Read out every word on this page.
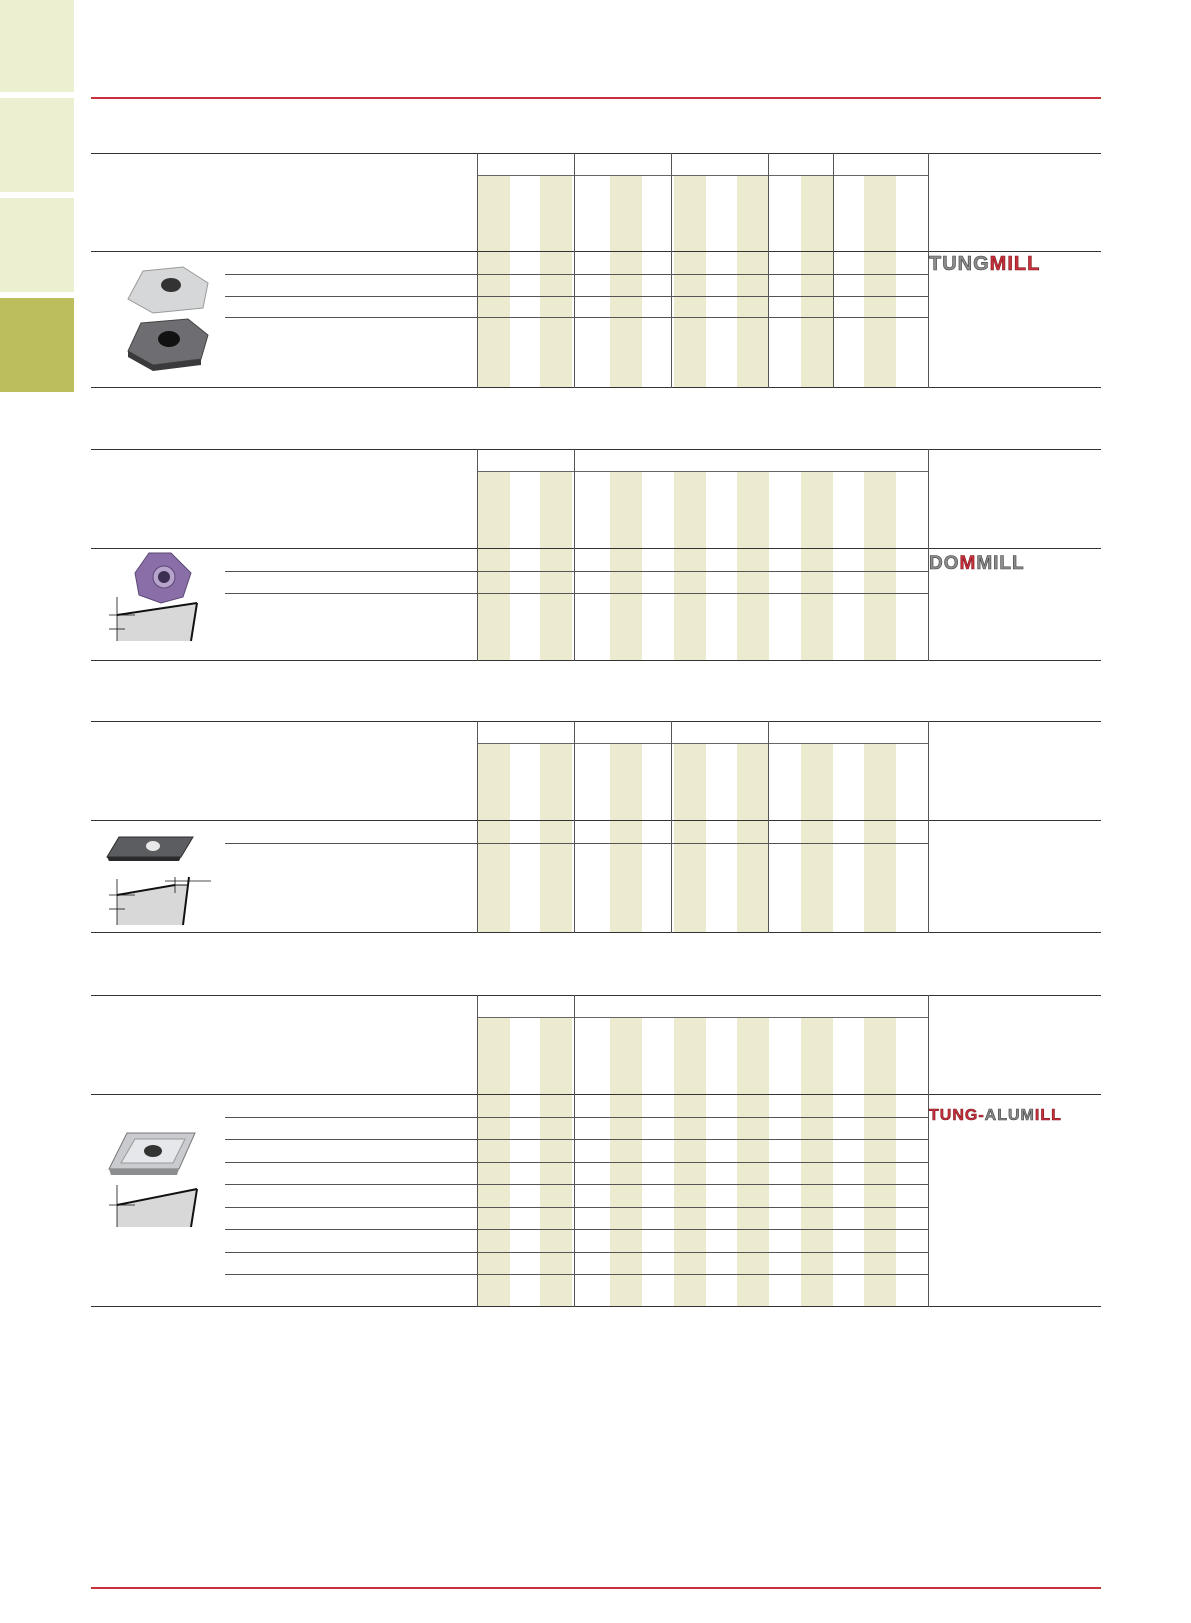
TUNGMILL
DOMMILL
TUNG-ALUMILL
